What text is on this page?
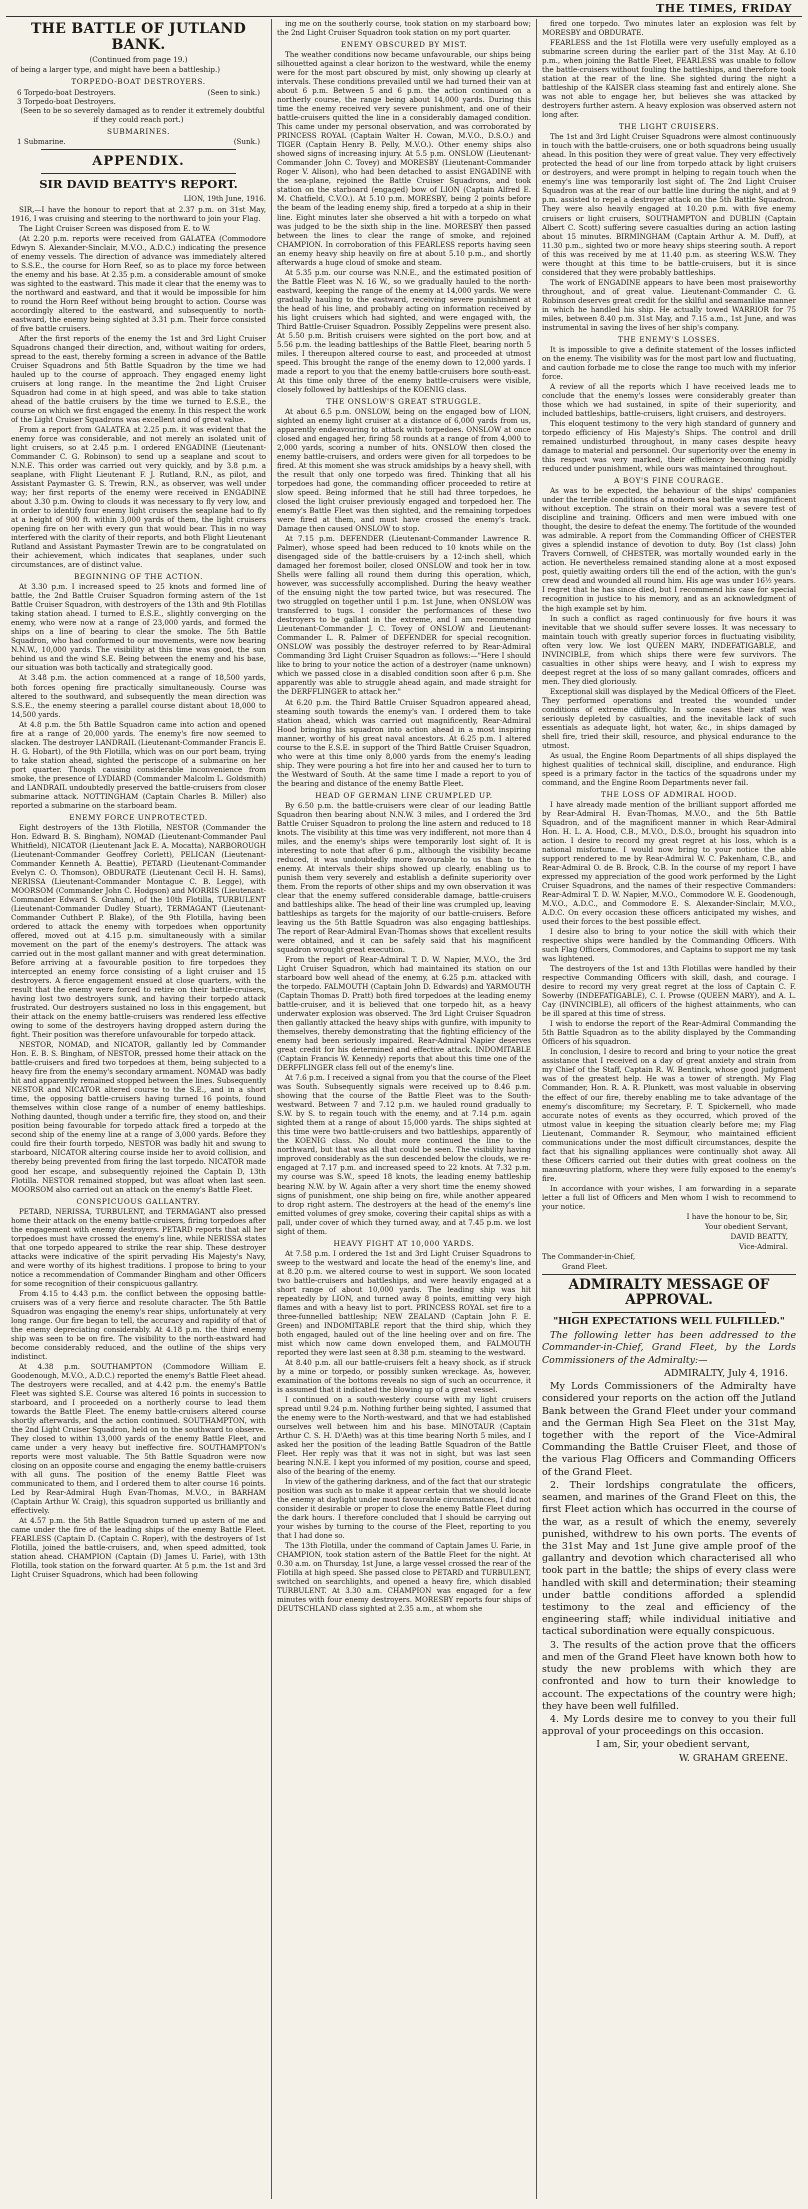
THE TIMES, FRIDAY
THE BATTLE OF JUTLAND BANK.
(Continued from page 19.)

of being a larger type, and might have been a battleship.)

TORPEDO-BOAT DESTROYERS.
6 Torpedo-boat Destroyers.	(Seen to sink.)
3 Torpedo-boat Destroyers.

(Seen to be so severely damaged as to render it extremely doubtful if they could reach port.)

SUBMARINES.
1 Submarine.	(Sunk.)
APPENDIX.
SIR DAVID BEATTY'S REPORT.
LION, 19th June, 1916.

SIR,—I have the honour to report that at 2.37 p.m. on 31st May, 1916, I was cruising and steering to the northward to join your Flag.

The Light Cruiser Screen was disposed from E. to W.

(At 2.20 p.m. reports were received from GALATEA (Commodore Edwyn S. Alexander-Sinclair, M.V.O., A.D.C.) indicating the presence of enemy vessels. The direction of advance was immediately altered to S.S.E., the course for Horn Reef, so as to place my force between the enemy and his base. At 2.35 p.m. a considerable amount of smoke was sighted to the eastward. This made it clear that the enemy was to the northward and eastward, and that it would be impossible for him to round the Horn Reef without being brought to action. Course was accordingly altered to the eastward, and subsequently to north-eastward, the enemy being sighted at 3.31 p.m. Their force consisted of five battle cruisers.

After the first reports of the enemy the 1st and 3rd Light Cruiser Squadrons changed their direction, and, without waiting for orders, spread to the east, thereby forming a screen in advance of the Battle Cruiser Squadrons and 5th Battle Squadron by the time we had hauled up to the course of approach. They engaged enemy light cruisers at long range. In the meantime the 2nd Light Cruiser Squadron had come in at high speed, and was able to take station ahead of the battle cruisers by the time we turned to E.S.E., the course on which we first engaged the enemy. In this respect the work of the Light Cruiser Squadrons was excellent and of great value.

From a report from GALATEA at 2.25 p.m. it was evident that the enemy force was considerable, and not merely an isolated unit of light cruisers, so at 2.45 p.m. I ordered ENGADINE (Lieutenant-Commander C. G. Robinson) to send up a seaplane and scout to N.N.E. This order was carried out very quickly, and by 3.8 p.m. a seaplane, with Flight Lieutenant F. J. Rutland, R.N., as pilot, and Assistant Paymaster G. S. Trewin, R.N., as observer, was well under way; her first reports of the enemy were received in ENGADINE about 3.30 p.m. Owing to clouds it was necessary to fly very low, and in order to identify four enemy light cruisers the seaplane had to fly at a height of 900 ft. within 3,000 yards of them, the light cruisers opening fire on her with every gun that would bear. This in no way interfered with the clarity of their reports, and both Flight Lieutenant Rutland and Assistant Paymaster Trewin are to be congratulated on their achievement, which indicates that seaplanes, under such circumstances, are of distinct value.

BEGINNING OF THE ACTION.

At 3.30 p.m. I increased speed to 25 knots and formed line of battle, the 2nd Battle Cruiser Squadron forming astern of the 1st Battle Cruiser Squadron, with destroyers of the 13th and 9th Flotillas taking station ahead. I turned to E.S.E., slightly converging on the enemy, who were now at a range of 23,000 yards, and formed the ships on a line of bearing to clear the smoke. The 5th Battle Squadron, who had conformed to our movements, were now bearing N.N.W., 10,000 yards. The visibility at this time was good, the sun behind us and the wind S.E. Being between the enemy and his base, our situation was both tactically and strategically good.

At 3.48 p.m. the action commenced at a range of 18,500 yards, both forces opening fire practically simultaneously. Course was altered to the southward, and subsequently the mean direction was S.S.E., the enemy steering a parallel course distant about 18,000 to 14,500 yards.

At 4.8 p.m. the 5th Battle Squadron came into action and opened fire at a range of 20,000 yards. The enemy's fire now seemed to slacken. The destroyer LANDRAIL (Lieutenant-Commander Francis E. H. G. Hobart), of the 9th Flotilla, which was on our port beam, trying to take station ahead, sighted the periscope of a submarine on her port quarter. Though causing considerable inconvenience from smoke, the presence of LYDIARD (Commander Malcolm L. Goldsmith) and LANDRAIL undoubtedly preserved the battle-cruisers from closer submarine attack. NOTTINGHAM (Captain Charles B. Miller) also reported a submarine on the starboard beam.

ENEMY FORCE UNPROTECTED.

Eight destroyers of the 13th Flotilla, NESTOR (Commander the Hon. Edward B. S. Bingham), NOMAD (Lieutenant-Commander Paul Whitfield), NICATOR (Lieutenant Jack E. A. Mocatta), NARBOROUGH (Lieutenant-Commander Geoffrey Corlett), PELICAN (Lieutenant-Commander Kenneth A. Beattie), PETARD (Lieutenant-Commander Evelyn C. O. Thomson), OBDURATE (Lieutenant Cecil H. H. Sams), NERISSA (Lieutenant-Commander Montague C. B. Legge), with MOORSOM (Commander John C. Hodgson) and MORRIS (Lieutenant-Commander Edward S. Graham), of the 10th Flotilla, TURBULENT (Lieutenant-Commander Dudley Stuart), TERMAGANT (Lieutenant-Commander Cuthbert P. Blake), of the 9th Flotilla, having been ordered to attack the enemy with torpedoes when opportunity offered, moved out at 4.15 p.m. simultaneously with a similar movement on the part of the enemy's destroyers. The attack was carried out in the most gallant manner and with great determination. Before arriving at a favourable position to fire torpedoes they intercepted an enemy force consisting of a light cruiser and 15 destroyers. A fierce engagement ensued at close quarters, with the result that the enemy were forced to retire on their battle-cruisers, having lost two destroyers sunk, and having their torpedo attack frustrated. Our destroyers sustained no loss in this engagement, but their attack on the enemy battle-cruisers was rendered less effective owing to some of the destroyers having dropped astern during the fight. Their position was therefore unfavourable for torpedo attack.

NESTOR, NOMAD, and NICATOR, gallantly led by Commander Hon. E. B. S. Bingham, of NESTOR, pressed home their attack on the battle-cruisers and fired two torpedoes at them, being subjected to a heavy fire from the enemy's secondary armament. NOMAD was badly hit and apparently remained stopped between the lines. Subsequently NESTOR and NICATOR altered course to the S.E., and in a short time, the opposing battle-cruisers having turned 16 points, found themselves within close range of a number of enemy battleships. Nothing daunted, though under a terrific fire, they stood on, and their position being favourable for torpedo attack fired a torpedo at the second ship of the enemy line at a range of 3,000 yards. Before they could fire their fourth torpedo, NESTOR was badly hit and swung to starboard, NICATOR altering course inside her to avoid collision, and thereby being prevented from firing the last torpedo. NICATOR made good her escape, and subsequently rejoined the Captain D, 13th Flotilla. NESTOR remained stopped, but was afloat when last seen. MOORSOM also carried out an attack on the enemy's Battle Fleet.

CONSPICUOUS GALLANTRY.

PETARD, NERISSA, TURBULENT, and TERMAGANT also pressed home their attack on the enemy battle-cruisers, firing torpedoes after the engagement with enemy destroyers. PETARD reports that all her torpedoes must have crossed the enemy's line, while NERISSA states that one torpedo appeared to strike the rear ship. These destroyer attacks were indicative of the spirit pervading His Majesty's Navy, and were worthy of its highest traditions. I propose to bring to your notice a recommendation of Commander Bingham and other Officers for some recognition of their conspicuous gallantry.

From 4.15 to 4.43 p.m. the conflict between the opposing battle-cruisers was of a very fierce and resolute character. The 5th Battle Squadron was engaging the enemy's rear ships, unfortunately at very long range. Our fire began to tell, the accuracy and rapidity of that of the enemy depreciating considerably. At 4.18 p.m. the third enemy ship was seen to be on fire. The visibility to the north-eastward had become considerably reduced, and the outline of the ships very indistinct.

At 4.38 p.m. SOUTHAMPTON (Commodore William E. Goodenough, M.V.O., A.D.C.) reported the enemy's Battle Fleet ahead. The destroyers were recalled, and at 4.42 p.m. the enemy's Battle Fleet was sighted S.E. Course was altered 16 points in succession to starboard, and I proceeded on a northerly course to lead them towards the Battle Fleet. The enemy battle-cruisers altered course shortly afterwards, and the action continued. SOUTHAMPTON, with the 2nd Light Cruiser Squadron, held on to the southward to observe. They closed to within 13,000 yards of the enemy Battle Fleet, and came under a very heavy but ineffective fire. SOUTHAMPTON's reports were most valuable. The 5th Battle Squadron were now closing on an opposite course and engaging the enemy battle-cruisers with all guns. The position of the enemy Battle Fleet was communicated to them, and I ordered them to alter course 16 points. Led by Rear-Admiral Hugh Evan-Thomas, M.V.O., in BARHAM (Captain Arthur W. Craig), this squadron supported us brilliantly and effectively.

At 4.57 p.m. the 5th Battle Squadron turned up astern of me and came under the fire of the leading ships of the enemy Battle Fleet. FEARLESS (Captain D. (Captain C. Roper), with the destroyers of 1st Flotilla, joined the battle-cruisers, and, when speed admitted, took station ahead. CHAMPION (Captain (D) James U. Farie), with 13th Flotilla, took station on the forward quarter. At 5 p.m. the 1st and 3rd Light Cruiser Squadrons, which had been following

ing me on the southerly course, took station on my starboard bow; the 2nd Light Cruiser Squadron took station on my port quarter.

ENEMY OBSCURED BY MIST.

The weather conditions now became unfavourable, our ships being silhouetted against a clear horizon to the westward, while the enemy were for the most part obscured by mist, only showing up clearly at intervals. These conditions prevailed until we had turned their van at about 6 p.m. Between 5 and 6 p.m. the action continued on a northerly course, the range being about 14,000 yards. During this time the enemy received very severe punishment, and one of their battle-cruisers quitted the line in a considerably damaged condition. This came under my personal observation, and was corroborated by PRINCESS ROYAL (Captain Walter H. Cowan, M.V.O., D.S.O.) and TIGER (Captain Henry B. Pelly, M.V.O.). Other enemy ships also showed signs of increasing injury. At 5.5 p.m. ONSLOW (Lieutenant-Commander John C. Tovey) and MORESBY (Lieutenant-Commander Roger V. Alison), who had been detached to assist ENGADINE with the sea-plane, rejoined the Battle Cruiser Squadrons, and took station on the starboard (engaged) bow of LION (Captain Alfred E. M. Chatfield, C.V.O.). At 5.10 p.m. MORESBY, being 2 points before the beam of the leading enemy ship, fired a torpedo at a ship in their line. Eight minutes later she observed a hit with a torpedo on what was judged to be the sixth ship in the line. MORESBY then passed between the lines to clear the range of smoke, and rejoined CHAMPION. In corroboration of this FEARLESS reports having seen an enemy heavy ship heavily on fire at about 5.10 p.m., and shortly afterwards a huge cloud of smoke and steam.

At 5.35 p.m. our course was N.N.E., and the estimated position of the Battle Fleet was N. 16 W., so we gradually hauled to the north-eastward, keeping the range of the enemy at 14,000 yards. We were gradually hauling to the eastward, receiving severe punishment at the head of his line, and probably acting on information received by his light cruisers which had sighted, and were engaged with, the Third Battle-Cruiser Squadron. Possibly Zeppelins were present also. At 5.50 p.m. British cruisers were sighted on the port bow, and at 5.56 p.m. the leading battleships of the Battle Fleet, bearing north 5 miles. I thereupon altered course to east, and proceeded at utmost speed. This brought the range of the enemy down to 12,000 yards. I made a report to you that the enemy battle-cruisers bore south-east. At this time only three of the enemy battle-cruisers were visible, closely followed by battleships of the KOENIG class.

THE ONSLOW'S GREAT STRUGGLE.

At about 6.5 p.m. ONSLOW, being on the engaged bow of LION, sighted an enemy light cruiser at a distance of 6,000 yards from us, apparently endeavouring to attack with torpedoes. ONSLOW at once closed and engaged her, firing 58 rounds at a range of from 4,000 to 2,000 yards, scoring a number of hits. ONSLOW then closed the enemy battle-cruisers, and orders were given for all torpedoes to be fired. At this moment she was struck amidships by a heavy shell, with the result that only one torpedo was fired. Thinking that all his torpedoes had gone, the commanding officer proceeded to retire at slow speed. Being informed that he still had three torpedoes, he closed the light cruiser previously engaged and torpedoed her. The enemy's Battle Fleet was then sighted, and the remaining torpedoes were fired at them, and must have crossed the enemy's track. Damage then caused ONSLOW to stop.

At 7.15 p.m. DEFENDER (Lieutenant-Commander Lawrence R. Palmer), whose speed had been reduced to 10 knots while on the disengaged side of the battle-cruisers by a 12-inch shell, which damaged her foremost boiler, closed ONSLOW and took her in tow. Shells were falling all round them during this operation, which, however, was successfully accomplished. During the heavy weather of the ensuing night the tow parted twice, but was resecured. The two struggled on together until 1 p.m. 1st June, when ONSLOW was transferred to tugs. I consider the performances of these two destroyers to be gallant in the extreme, and I am recommending Lieutenant-Commander J. C. Tovey of ONSLOW and Lieutenant-Commander L. R. Palmer of DEFENDER for special recognition. ONSLOW was possibly the destroyer referred to by Rear-Admiral Commanding 3rd Light Cruiser Squadron as follows:—"Here I should like to bring to your notice the action of a destroyer (name unknown) which we passed close in a disabled condition soon after 6 p.m. She apparently was able to struggle ahead again, and made straight for the DERFFLINGER to attack her."

At 6.20 p.m. the Third Battle Cruiser Squadron appeared ahead, steaming south towards the enemy's van. I ordered them to take station ahead, which was carried out magnificently, Rear-Admiral Hood bringing his squadron into action ahead in a most inspiring manner, worthy of his great naval ancestors. At 6.25 p.m. I altered course to the E.S.E. in support of the Third Battle Cruiser Squadron, who were at this time only 8,000 yards from the enemy's leading ship. They were pouring a hot fire into her and caused her to turn to the Westward of South. At the same time I made a report to you of the bearing and distance of the enemy Battle Fleet.

HEAD OF GERMAN LINE CRUMPLED UP.

By 6.50 p.m. the battle-cruisers were clear of our leading Battle Squadron then bearing about N.N.W. 3 miles, and I ordered the 3rd Battle Cruiser Squadron to prolong the line astern and reduced to 18 knots. The visibility at this time was very indifferent, not more than 4 miles, and the enemy's ships were temporarily lost sight of. It is interesting to note that after 6 p.m., although the visibility became reduced, it was undoubtedly more favourable to us than to the enemy. At intervals their ships showed up clearly, enabling us to punish them very severely and establish a definite superiority over them. From the reports of other ships and my own observation it was clear that the enemy suffered considerable damage, battle-cruisers and battleships alike. The head of their line was crumpled up, leaving battleships as targets for the majority of our battle-cruisers. Before leaving us the 5th Battle Squadron was also engaging battleships. The report of Rear-Admiral Evan-Thomas shows that excellent results were obtained, and it can be safely said that his magnificent squadron wrought great execution.

From the report of Rear-Admiral T. D. W. Napier, M.V.O., the 3rd Light Cruiser Squadron, which had maintained its station on our starboard bow well ahead of the enemy, at 6.25 p.m. attacked with the torpedo. FALMOUTH (Captain John D. Edwards) and YARMOUTH (Captain Thomas D. Pratt) both fired torpedoes at the leading enemy battle-cruiser, and it is believed that one torpedo hit, as a heavy underwater explosion was observed. The 3rd Light Cruiser Squadron then gallantly attacked the heavy ships with gunfire, with impunity to themselves, thereby demonstrating that the fighting efficiency of the enemy had been seriously impaired. Rear-Admiral Napier deserves great credit for his determined and effective attack. INDOMITABLE (Captain Francis W. Kennedy) reports that about this time one of the DERFFLINGER class fell out of the enemy's line.

At 7.6 p.m. I received a signal from you that the course of the Fleet was South. Subsequently signals were received up to 8.46 p.m. showing that the course of the Battle Fleet was to the South-westward. Between 7 and 7.12 p.m. we hauled round gradually to S.W. by S. to regain touch with the enemy, and at 7.14 p.m. again sighted them at a range of about 15,000 yards. The ships sighted at this time were two battle-cruisers and two battleships, apparently of the KOENIG class. No doubt more continued the line to the northward, but that was all that could be seen. The visibility having improved considerably as the sun descended below the clouds, we re-engaged at 7.17 p.m. and increased speed to 22 knots. At 7.32 p.m. my course was S.W., speed 18 knots, the leading enemy battleship bearing N.W. by W. Again after a very short time the enemy showed signs of punishment, one ship being on fire, while another appeared to drop right astern. The destroyers at the head of the enemy's line emitted volumes of grey smoke, covering their capital ships as with a pall, under cover of which they turned away, and at 7.45 p.m. we lost sight of them.

HEAVY FIGHT AT 10,000 YARDS.

At 7.58 p.m. I ordered the 1st and 3rd Light Cruiser Squadrons to sweep to the westward and locate the head of the enemy's line, and at 8.20 p.m. we altered course to west in support. We soon located two battle-cruisers and battleships, and were heavily engaged at a short range of about 10,000 yards. The leading ship was hit repeatedly by LION, and turned away 8 points, emitting very high flames and with a heavy list to port. PRINCESS ROYAL set fire to a three-funnelled battleship; NEW ZEALAND (Captain John F. E. Green) and INDOMITABLE report that the third ship, which they both engaged, hauled out of the line heeling over and on fire. The mist which now came down enveloped them, and FALMOUTH reported they were last seen at 8.38 p.m. steaming to the westward.

At 8.40 p.m. all our battle-cruisers felt a heavy shock, as if struck by a mine or torpedo, or possibly sunken wreckage. As, however, examination of the bottoms reveals no sign of such an occurrence, it is assumed that it indicated the blowing up of a great vessel.

I continued on a south-westerly course with my light cruisers spread until 9.24 p.m. Nothing further being sighted, I assumed that the enemy were to the North-westward, and that we had established ourselves well between him and his base. MINOTAUR (Captain Arthur C. S. H. D'Aeth) was at this time bearing North 5 miles, and I asked her the position of the leading Battle Squadron of the Battle Fleet. Her reply was that it was not in sight, but was last seen bearing N.N.E. I kept you informed of my position, course and speed, also of the bearing of the enemy.

In view of the gathering darkness, and of the fact that our strategic position was such as to make it appear certain that we should locate the enemy at daylight under most favourable circumstances, I did not consider it desirable or proper to close the enemy Battle Fleet during the dark hours. I therefore concluded that I should be carrying out your wishes by turning to the course of the Fleet, reporting to you that I had done so.

The 13th Flotilla, under the command of Captain James U. Farie, in CHAMPION, took station astern of the Battle Fleet for the night. At 0.30 a.m. on Thursday, 1st June, a large vessel crossed the rear of the Flotilla at high speed. She passed close to PETARD and TURBULENT, switched on searchlights, and opened a heavy fire, which disabled TURBULENT. At 3.30 a.m. CHAMPION was engaged for a few minutes with four enemy destroyers. MORESBY reports four ships of DEUTSCHLAND class sighted at 2.35 a.m., at whom she

fired one torpedo. Two minutes later an explosion was felt by MORESBY and OBDURATE.

FEARLESS and the 1st Flotilla were very usefully employed as a submarine screen during the earlier part of the 31st May. At 6.10 p.m., when joining the Battle Fleet, FEARLESS was unable to follow the battle-cruisers without fouling the battleships, and therefore took station at the rear of the line. She sighted during the night a battleship of the KAISER class steaming fast and entirely alone. She was not able to engage her, but believes she was attacked by destroyers further astern. A heavy explosion was observed astern not long after.

THE LIGHT CRUISERS.

The 1st and 3rd Light Cruiser Squadrons were almost continuously in touch with the battle-cruisers, one or both squadrons being usually ahead. In this position they were of great value. They very effectively protected the head of our line from torpedo attack by light cruisers or destroyers, and were prompt in helping to regain touch when the enemy's line was temporarily lost sight of. The 2nd Light Cruiser Squadron was at the rear of our battle line during the night, and at 9 p.m. assisted to repel a destroyer attack on the 5th Battle Squadron. They were also heavily engaged at 10.20 p.m. with five enemy cruisers or light cruisers, SOUTHAMPTON and DUBLIN (Captain Albert C. Scott) suffering severe casualties during an action lasting about 15 minutes. BIRMINGHAM (Captain Arthur A. M. Duff), at 11.30 p.m., sighted two or more heavy ships steering south. A report of this was received by me at 11.40 p.m. as steering W.S.W. They were thought at this time to be battle-cruisers, but it is since considered that they were probably battleships.

The work of ENGADINE appears to have been most praiseworthy throughout, and of great value. Lieutenant-Commander C. G. Robinson deserves great credit for the skilful and seamanlike manner in which he handled his ship. He actually towed WARRIOR for 75 miles, between 8.40 p.m. 31st May, and 7.15 a.m., 1st June, and was instrumental in saving the lives of her ship's company.

THE ENEMY'S LOSSES.

It is impossible to give a definite statement of the losses inflicted on the enemy. The visibility was for the most part low and fluctuating, and caution forbade me to close the range too much with my inferior force.

A review of all the reports which I have received leads me to conclude that the enemy's losses were considerably greater than those which we had sustained, in spite of their superiority, and included battleships, battle-cruisers, light cruisers, and destroyers.

This eloquent testimony to the very high standard of gunnery and torpedo efficiency of His Majesty's Ships. The control and drill remained undisturbed throughout, in many cases despite heavy damage to material and personnel. Our superiority over the enemy in this respect was very marked, their efficiency becoming rapidly reduced under punishment, while ours was maintained throughout.

A BOY'S FINE COURAGE.

As was to be expected, the behaviour of the ships' companies under the terrible conditions of a modern sea battle was magnificent without exception. The strain on their moral was a severe test of discipline and training. Officers and men were imbued with one thought, the desire to defeat the enemy. The fortitude of the wounded was admirable. A report from the Commanding Officer of CHESTER gives a splendid instance of devotion to duty. Boy (1st class) John Travers Cornwell, of CHESTER, was mortally wounded early in the action. He nevertheless remained standing alone at a most exposed post, quietly awaiting orders till the end of the action, with the gun's crew dead and wounded all round him. His age was under 16½ years. I regret that he has since died, but I recommend his case for special recognition in justice to his memory, and as an acknowledgment of the high example set by him.

In such a conflict as raged continuously for five hours it was inevitable that we should suffer severe losses. It was necessary to maintain touch with greatly superior forces in fluctuating visibility, often very low. We lost QUEEN MARY, INDEFATIGABLE, and INVINCIBLE, from which ships there were few survivors. The casualties in other ships were heavy, and I wish to express my deepest regret at the loss of so many gallant comrades, officers and men. They died gloriously.

Exceptional skill was displayed by the Medical Officers of the Fleet. They performed operations and treated the wounded under conditions of extreme difficulty. In some cases their staff was seriously depleted by casualties, and the inevitable lack of such essentials as adequate light, hot water, &c., in ships damaged by shell fire, tried their skill, resource, and physical endurance to the utmost.

As usual, the Engine Room Departments of all ships displayed the highest qualities of technical skill, discipline, and endurance. High speed is a primary factor in the tactics of the squadrons under my command, and the Engine Room Departments never fail.

THE LOSS OF ADMIRAL HOOD.

I have already made mention of the brilliant support afforded me by Rear-Admiral H. Evan-Thomas, M.V.O., and the 5th Battle Squadron, and of the magnificent manner in which Rear-Admiral Hon. H. L. A. Hood, C.B., M.V.O., D.S.O., brought his squadron into action. I desire to record my great regret at his loss, which is a national misfortune. I would now bring to your notice the able support rendered to me by Rear-Admiral W. C. Pakenham, C.B., and Rear-Admiral O. de B. Brock, C.B. In the course of my report I have expressed my appreciation of the good work performed by the Light Cruiser Squadrons, and the names of their respective Commanders: Rear-Admiral T. D. W. Napier, M.V.O., Commodore W. E. Goodenough, M.V.O., A.D.C., and Commodore E. S. Alexander-Sinclair, M.V.O., A.D.C. On every occasion these officers anticipated my wishes, and used their forces to the best possible effect.

I desire also to bring to your notice the skill with which their respective ships were handled by the Commanding Officers. With such Flag Officers, Commodores, and Captains to support me my task was lightened.

The destroyers of the 1st and 13th Flotillas were handled by their respective Commanding Officers with skill, dash, and courage. I desire to record my very great regret at the loss of Captain C. F. Sowerby (INDEFATIGABLE), C. I. Prowse (QUEEN MARY), and A. L. Cay (INVINCIBLE), all officers of the highest attainments, who can be ill spared at this time of stress.

I wish to endorse the report of the Rear-Admiral Commanding the 5th Battle Squadron as to the ability displayed by the Commanding Officers of his squadron.

In conclusion, I desire to record and bring to your notice the great assistance that I received on a day of great anxiety and strain from my Chief of the Staff, Captain R. W. Bentinck, whose good judgment was of the greatest help. He was a tower of strength. My Flag Commander, Hon. R. A. R. Plunkett, was most valuable in observing the effect of our fire, thereby enabling me to take advantage of the enemy's discomfiture; my Secretary, F. T. Spickernell, who made accurate notes of events as they occurred, which proved of the utmost value in keeping the situation clearly before me; my Flag Lieutenant, Commander R. Seymour, who maintained efficient communications under the most difficult circumstances, despite the fact that his signalling appliances were continually shot away. All these Officers carried out their duties with great coolness on the manœuvring platform, where they were fully exposed to the enemy's fire.

In accordance with your wishes, I am forwarding in a separate letter a full list of Officers and Men whom I wish to recommend to your notice.

I have the honour to be, Sir,

Your obedient Servant,

DAVID BEATTY,

Vice-Admiral.

The Commander-in-Chief,

Grand Fleet.

ADMIRALTY MESSAGE OF APPROVAL.
"HIGH EXPECTATIONS WELL FULFILLED."

The following letter has been addressed to the Commander-in-Chief, Grand Fleet, by the Lords Commissioners of the Admiralty:—

ADMIRALTY, July 4, 1916.

My Lords Commissioners of the Admiralty have considered your reports on the action off the Jutland Bank between the Grand Fleet under your command and the German High Sea Fleet on the 31st May, together with the report of the Vice-Admiral Commanding the Battle Cruiser Fleet, and those of the various Flag Officers and Commanding Officers of the Grand Fleet.

2. Their lordships congratulate the officers, seamen, and marines of the Grand Fleet on this, the first Fleet action which has occurred in the course of the war, as a result of which the enemy, severely punished, withdrew to his own ports. The events of the 31st May and 1st June give ample proof of the gallantry and devotion which characterised all who took part in the battle; the ships of every class were handled with skill and determination; their steaming under battle conditions afforded a splendid testimony to the zeal and efficiency of the engineering staff; while individual initiative and tactical subordination were equally conspicuous.

3. The results of the action prove that the officers and men of the Grand Fleet have known both how to study the new problems with which they are confronted and how to turn their knowledge to account. The expectations of the country were high; they have been well fulfilled.

4. My Lords desire me to convey to you their full approval of your proceedings on this occasion.

I am, Sir, your obedient servant,

W. GRAHAM GREENE.
